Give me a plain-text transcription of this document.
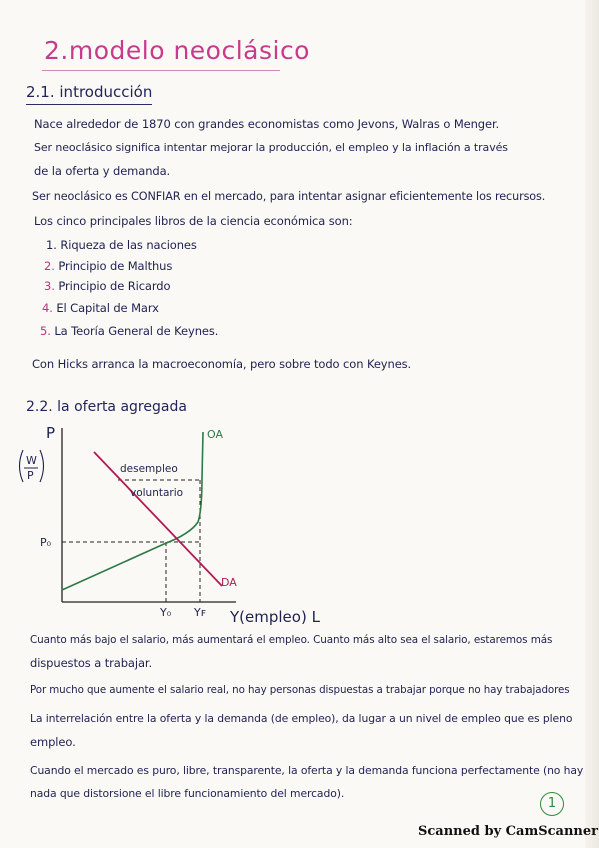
2.modelo neoclásico
2.1. introducción
Nace alrededor de 1870 con grandes economistas como Jevons, Walras o Menger.
Ser neoclásico significa intentar mejorar la producción, el empleo y la inflación a través
de la oferta y demanda.
Ser neoclásico es CONFIAR en el mercado, para intentar asignar eficientemente los recursos.
Los cinco principales libros de la ciencia económica son:
1. Riqueza de las naciones
2. Principio de Malthus
3. Principio de Ricardo
4. El Capital de Marx
5. La Teoría General de Keynes.
Con Hicks arranca la macroeconomía, pero sobre todo con Keynes.
2.2. la oferta agregada
P
W
P
P₀
OA
DA
desempleo
voluntario
Y₀ Yꜰ Y(empleo) L
Cuanto más bajo el salario, más aumentará el empleo. Cuanto más alto sea el salario, estaremos más
dispuestos a trabajar.
Por mucho que aumente el salario real, no hay personas dispuestas a trabajar porque no hay trabajadores
La interrelación entre la oferta y la demanda (de empleo), da lugar a un nivel de empleo que es pleno
empleo.
Cuando el mercado es puro, libre, transparente, la oferta y la demanda funciona perfectamente (no hay
nada que distorsione el libre funcionamiento del mercado).
1
Scanned by CamScanner
